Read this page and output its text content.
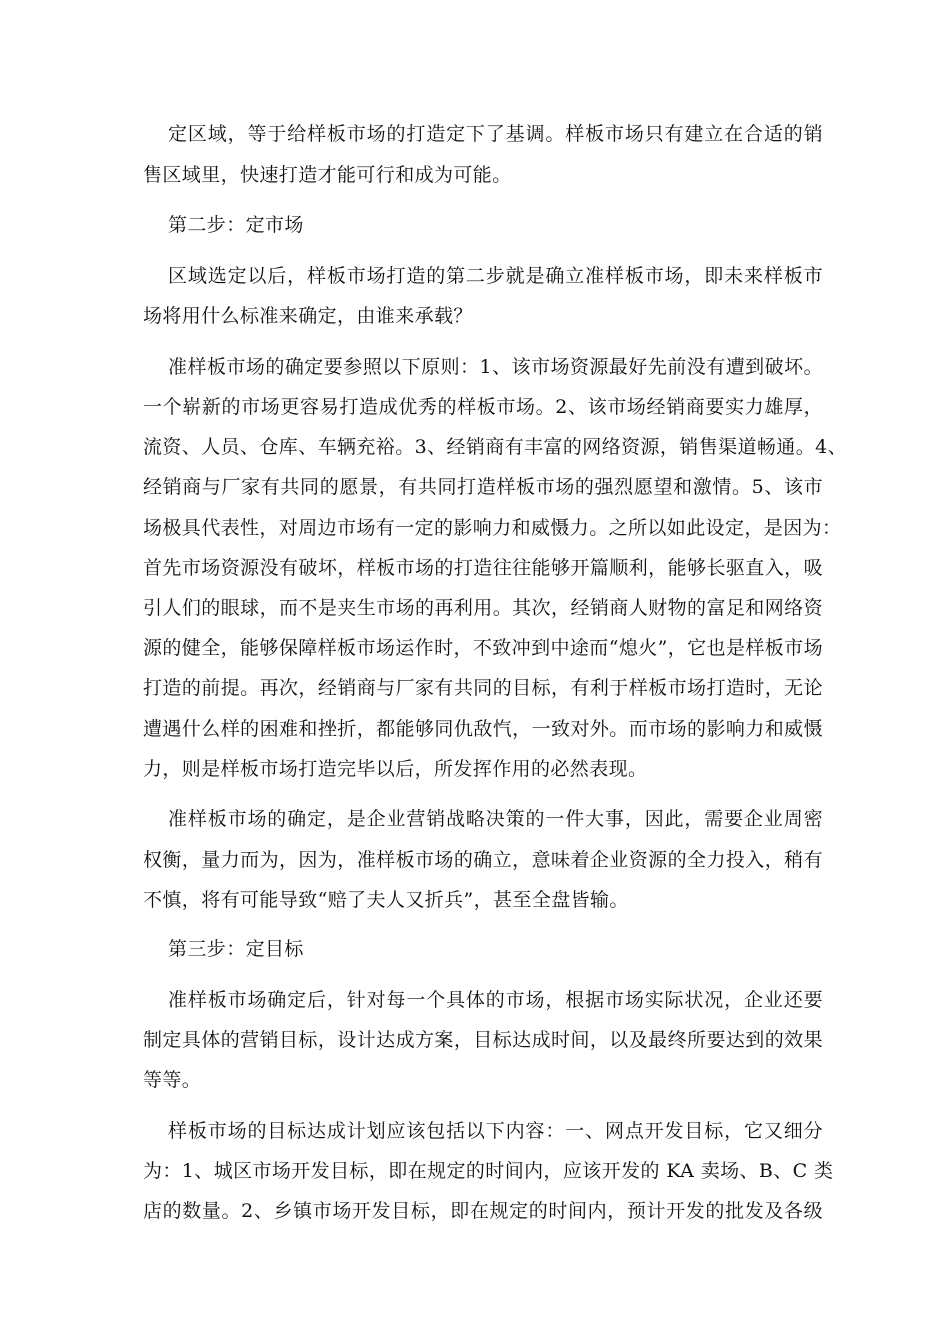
定区域，等于给样板市场的打造定下了基调。样板市场只有建立在合适的销
售区域里，快速打造才能可行和成为可能。
第二步：定市场
区域选定以后，样板市场打造的第二步就是确立准样板市场，即未来样板市
场将用什么标准来确定，由谁来承载？
准样板市场的确定要参照以下原则：1、该市场资源最好先前没有遭到破坏。
一个崭新的市场更容易打造成优秀的样板市场。2、该市场经销商要实力雄厚，
流资、人员、仓库、车辆充裕。3、经销商有丰富的网络资源，销售渠道畅通。4、
经销商与厂家有共同的愿景，有共同打造样板市场的强烈愿望和激情。5、该市
场极具代表性，对周边市场有一定的影响力和威慑力。之所以如此设定，是因为：
首先市场资源没有破坏，样板市场的打造往往能够开篇顺利，能够长驱直入，吸
引人们的眼球，而不是夹生市场的再利用。其次，经销商人财物的富足和网络资
源的健全，能够保障样板市场运作时，不致冲到中途而“熄火”，它也是样板市场
打造的前提。再次，经销商与厂家有共同的目标，有利于样板市场打造时，无论
遭遇什么样的困难和挫折，都能够同仇敌忾，一致对外。而市场的影响力和威慑
力，则是样板市场打造完毕以后，所发挥作用的必然表现。
准样板市场的确定，是企业营销战略决策的一件大事，因此，需要企业周密
权衡，量力而为，因为，准样板市场的确立，意味着企业资源的全力投入，稍有
不慎，将有可能导致“赔了夫人又折兵”，甚至全盘皆输。
第三步：定目标
准样板市场确定后，针对每一个具体的市场，根据市场实际状况，企业还要
制定具体的营销目标，设计达成方案，目标达成时间，以及最终所要达到的效果
等等。
样板市场的目标达成计划应该包括以下内容：一、网点开发目标，它又细分
为：1、城区市场开发目标，即在规定的时间内，应该开发的 KA 卖场、B、C 类
店的数量。2、乡镇市场开发目标，即在规定的时间内，预计开发的批发及各级
